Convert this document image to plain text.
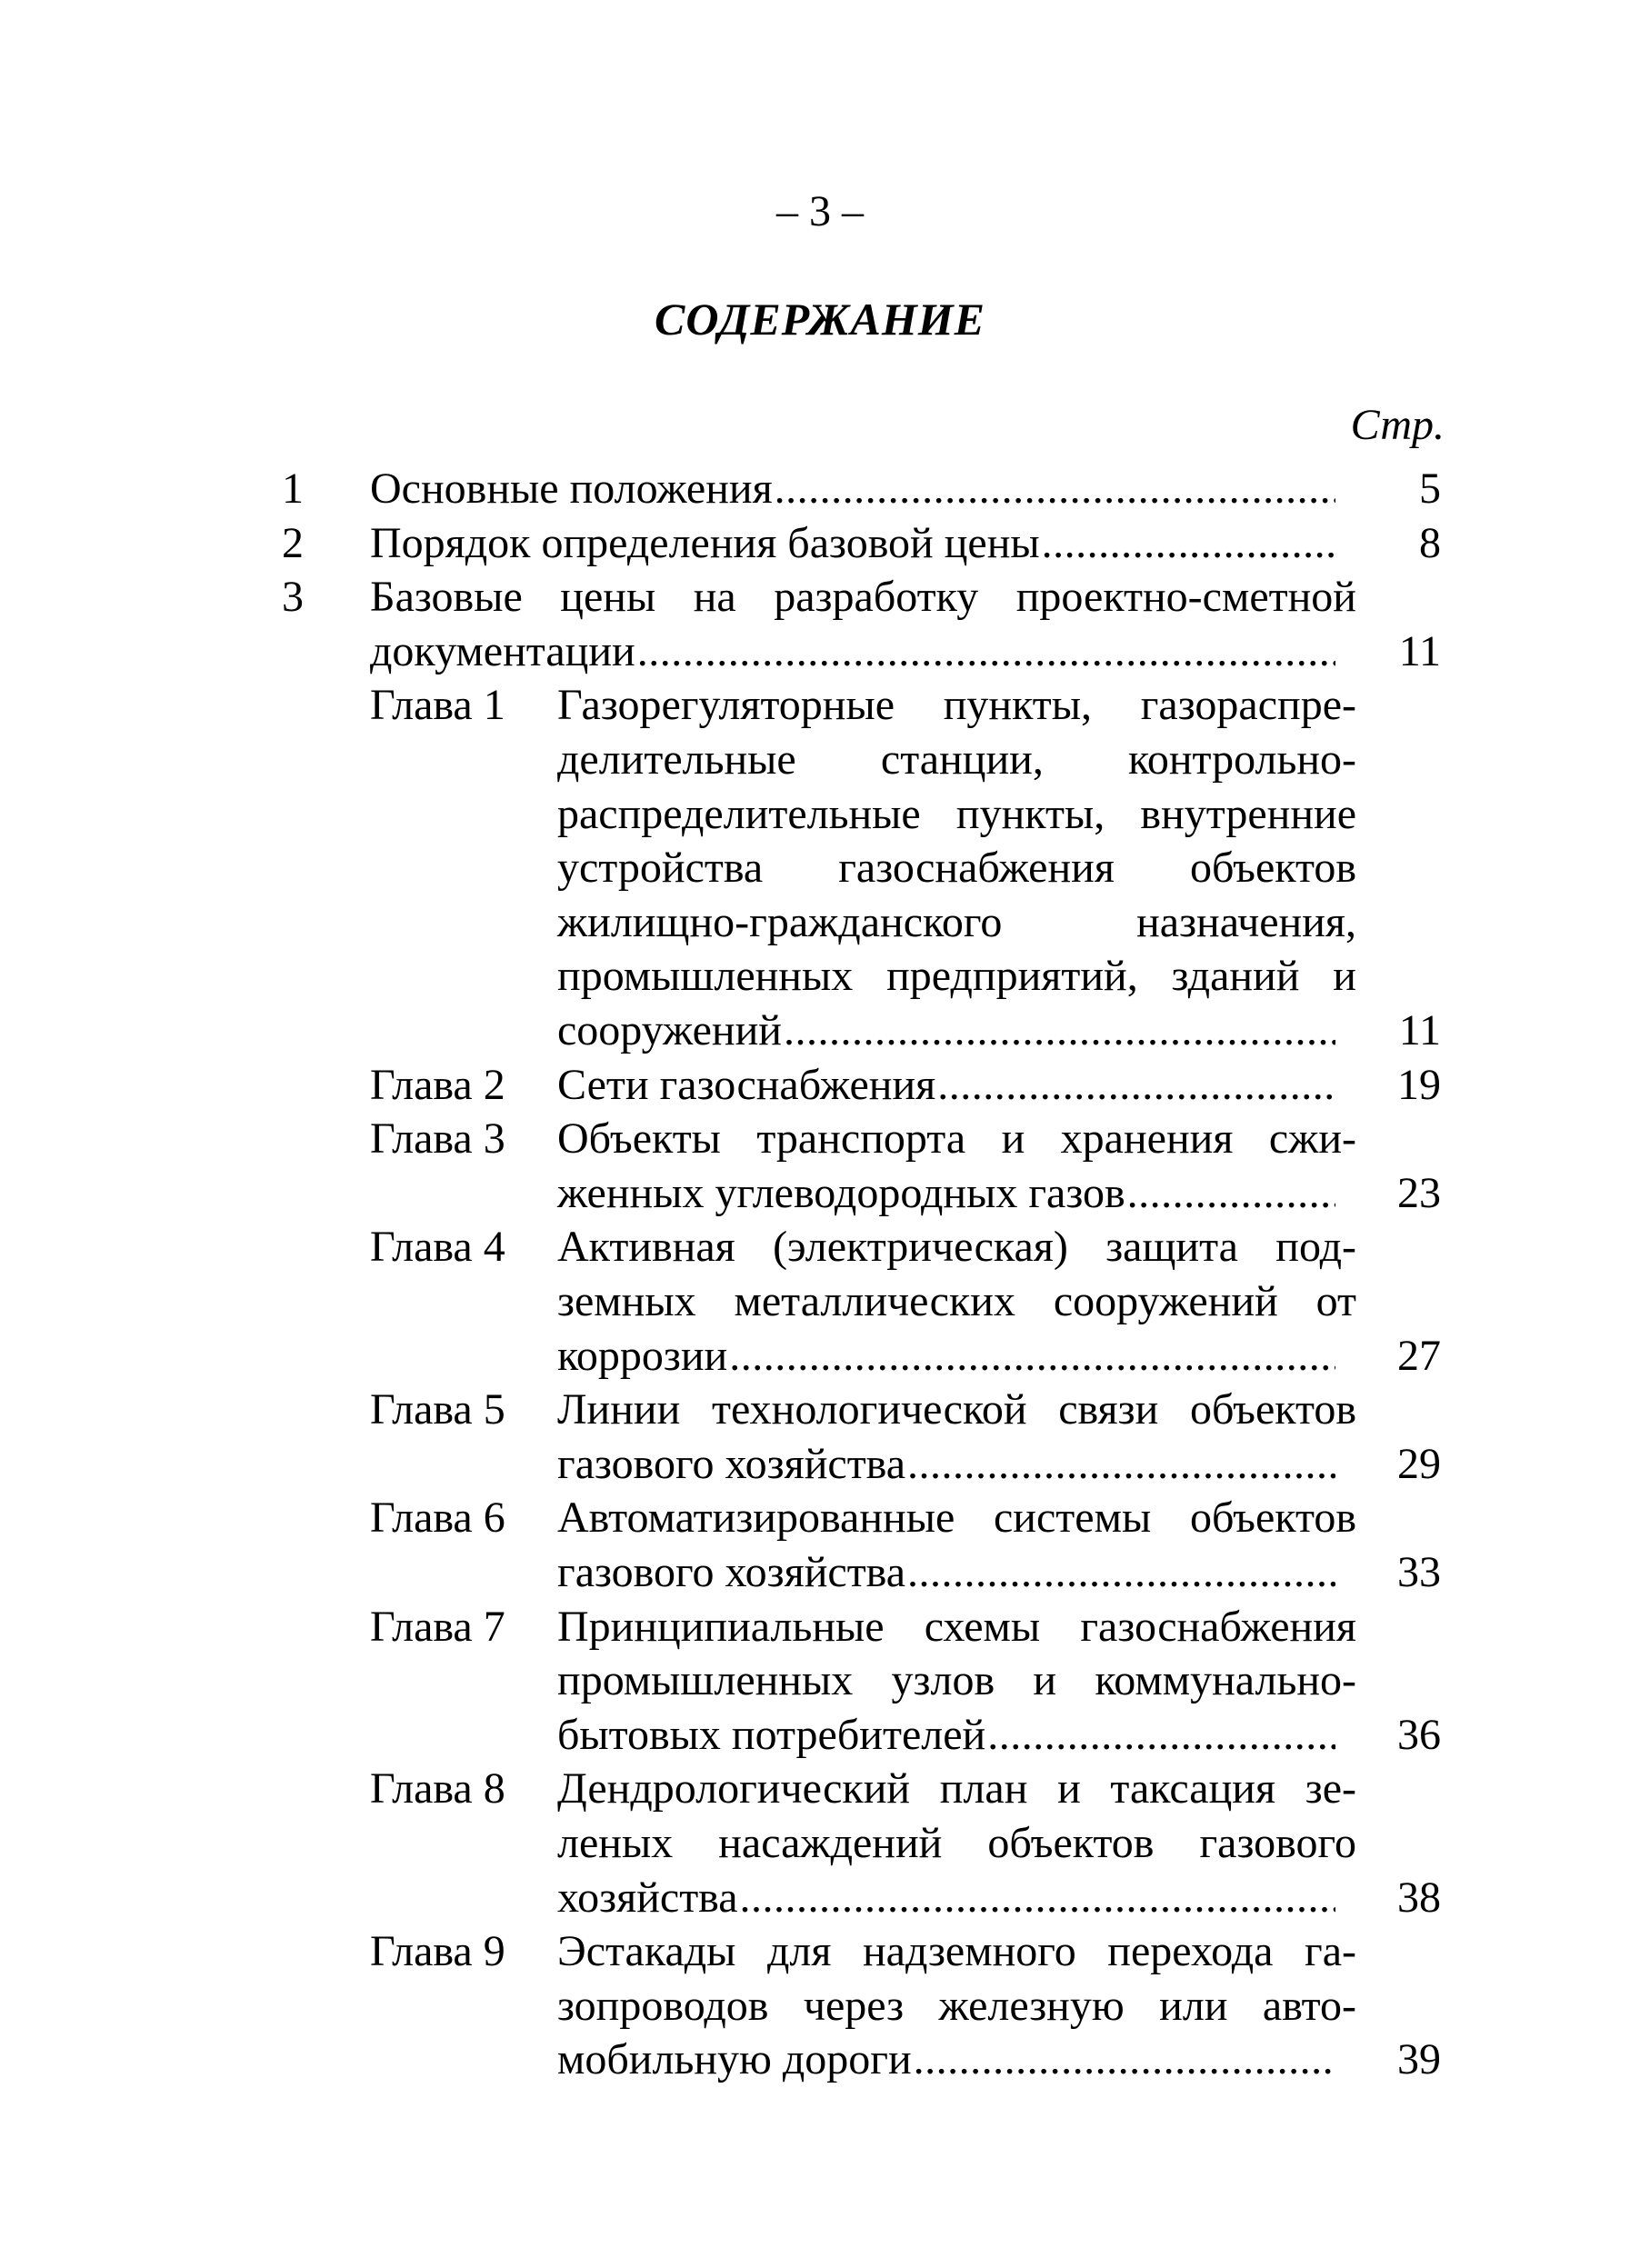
– 3 –
СОДЕРЖАНИЕ
Стр.
1 Основные положения .....	5
2 Порядок определения базовой цены .....	8
3 Базовые цены на разработку проектно-сметной
документации .....	11
Глава 1 Газорегуляторные пункты, газораспре-
делительные станции, контрольно-
распределительные пункты, внутренние
устройства газоснабжения объектов
жилищно-гражданского назначения,
промышленных предприятий, зданий и
сооружений .....	11
Глава 2 Сети газоснабжения .....	19
Глава 3 Объекты транспорта и хранения сжи-
женных углеводородных газов .....	23
Глава 4 Активная (электрическая) защита под-
земных металлических сооружений от
коррозии .....	27
Глава 5 Линии технологической связи объектов
газового хозяйства .....	29
Глава 6 Автоматизированные системы объектов
газового хозяйства .....	33
Глава 7 Принципиальные схемы газоснабжения
промышленных узлов и коммунально-
бытовых потребителей .....	36
Глава 8 Дендрологический план и таксация зе-
леных насаждений объектов газового
хозяйства .....	38
Глава 9 Эстакады для надземного перехода га-
зопроводов через железную или авто-
мобильную дороги .....	39
